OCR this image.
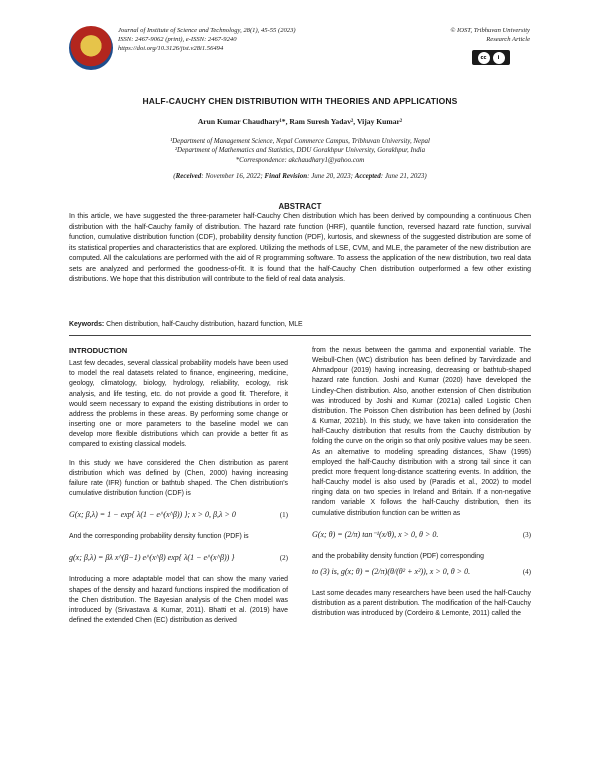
Journal of Institute of Science and Technology, 28(1), 45-55 (2023)
ISSN: 2467-9062 (print), e-ISSN: 2467-9240
https://doi.org/10.3126/jist.v28i1.56494
© IOST, Tribhuvan University
Research Article
cc	i
HALF-CAUCHY CHEN DISTRIBUTION WITH THEORIES AND APPLICATIONS
Arun Kumar Chaudhary¹*, Ram Suresh Yadav², Vijay Kumar²
¹Department of Management Science, Nepal Commerce Campus, Tribhuvan University, Nepal
²Department of Mathematics and Statistics, DDU Gorakhpur University, Gorakhpur, India
*Correspondence: akchaudhary1@yahoo.com
(Received: November 16, 2022; Final Revision: June 20, 2023; Accepted: June 21, 2023)
ABSTRACT
In this article, we have suggested the three-parameter half-Cauchy Chen distribution which has been derived by compounding a continuous Chen distribution with the half-Cauchy family of distribution. The hazard rate function (HRF), quantile function, reversed hazard rate function, survival function, cumulative distribution function (CDF), probability density function (PDF), kurtosis, and skewness of the suggested distribution are some of its statistical properties and characteristics that are explored. Utilizing the methods of LSE, CVM, and MLE, the parameter of the new distribution are computed. All the calculations are performed with the aid of R programming software. To assess the application of the new distribution, two real data sets are analyzed and performed the goodness-of-fit. It is found that the half-Cauchy Chen distribution outperformed a few other existing distributions. We hope that this distribution will contribute to the field of real data analysis.
Keywords: Chen distribution, half-Cauchy distribution, hazard function, MLE
INTRODUCTION

Last few decades, several classical probability models have been used to model the real datasets related to finance, engineering, medicine, geology, climatology, biology, hydrology, reliability, ecology, risk analysis, and life testing, etc. do not provide a good fit. Therefore, it would seem necessary to expand the existing distributions in order to address the problems in these areas. By performing some change or inserting one or more parameters to the baseline model we can develop more flexible distributions which can provide a better fit as compared to existing classical models.

In this study we have considered the Chen distribution as parent distribution which was defined by (Chen, 2000) having increasing failure rate (IFR) function or bathtub shaped. The Chen distribution's cumulative distribution function (CDF) is

G(x; β,λ) = 1 − exp{ λ(1 − e^(x^β)) }; x > 0, β,λ > 0	(1)

And the corresponding probability density function (PDF) is

g(x; β,λ) = βλ x^(β−1) e^(x^β) exp{ λ(1 − e^(x^β)) }	(2)

Introducing a more adaptable model that can show the many varied shapes of the density and hazard functions inspired the modification of the Chen distribution. The Bayesian analysis of the Chen model was introduced by (Srivastava & Kumar, 2011). Bhatti et al. (2019) have defined the extended Chen (EC) distribution as derived

from the nexus between the gamma and exponential variable. The Weibull-Chen (WC) distribution has been defined by Tarvirdizade and Ahmadpour (2019) having increasing, decreasing or bathtub-shaped hazard rate function. Joshi and Kumar (2020) have developed the Lindley-Chen distribution. Also, another extension of Chen distribution was introduced by Joshi and Kumar (2021a) called Logistic Chen distribution. The Poisson Chen distribution has been defined by (Joshi & Kumar, 2021b). In this study, we have taken into consideration the half-Cauchy distribution that results from the Cauchy distribution by folding the curve on the origin so that only positive values may be seen. As an alternative to modeling spreading distances, Shaw (1995) employed the half-Cauchy distribution with a strong tail since it can predict more frequent long-distance scattering events. In addition, the half-Cauchy model is also used by (Paradis et al., 2002) to model ringing data on two species in Ireland and Britain. If a non-negative random variable X follows the half-Cauchy distribution, then its cumulative distribution function can be written as

G(x; θ) = (2/π) tan⁻¹(x/θ), x > 0, θ > 0.	(3)

and the probability density function (PDF) corresponding

to (3) is, g(x; θ) = (2/π)(θ/(θ² + x²)), x > 0, θ > 0.	(4)

Last some decades many researchers have been used the half-Cauchy distribution as a parent distribution. The modification of the half-Cauchy distribution was introduced by (Cordeiro & Lemonte, 2011) called the
